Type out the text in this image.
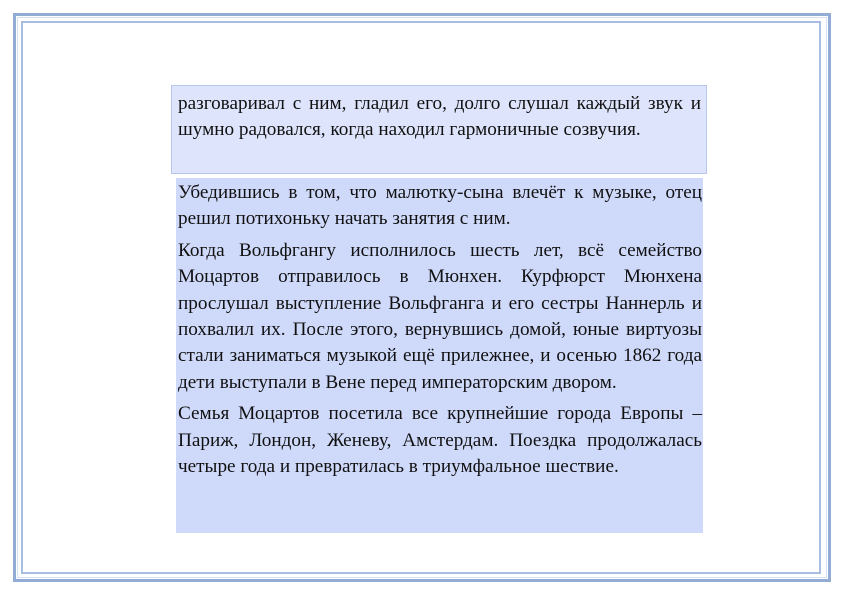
разговаривал с ним, гладил его, долго слушал каждый звук и шумно радовался, когда находил гармоничные созвучия.

Убедившись в том, что малютку-сына влечёт к музыке, отец решил потихоньку начать занятия с ним.

Когда Вольфгангу исполнилось шесть лет, всё семейство Моцартов отправилось в Мюнхен. Курфюрст Мюнхена прослушал выступление Вольфганга и его сестры Наннерль и похвалил их. После этого, вернувшись домой, юные виртуозы стали заниматься музыкой ещё прилежнее, и осенью 1862 года дети выступали в Вене перед императорским двором.

Семья Моцартов посетила все крупнейшие города Европы – Париж, Лондон, Женеву, Амстердам. Поездка продолжалась четыре года и превратилась в триумфальное шествие.
